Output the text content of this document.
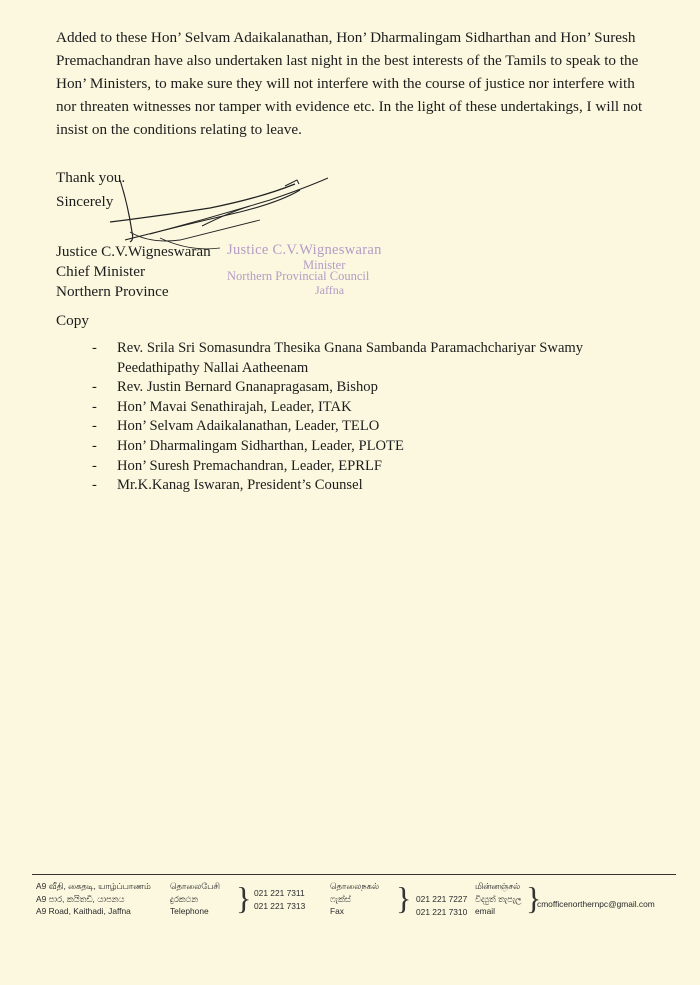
Added to these Hon’ Selvam Adaikalanathan, Hon’ Dharmalingam Sidharthan and Hon’ Suresh Premachandran have also undertaken last night in the best interests of the Tamils to speak to the Hon’ Ministers, to make sure they will not interfere with the course of justice nor interfere with nor threaten witnesses nor tamper with evidence etc. In the light of these undertakings, I will not insist on the conditions relating to leave.

Thank you.
Sincerely
Justice C.V.Wigneswaran
Minister
Northern Provincial Council
Jaffna
Justice C.V.Wigneswaran
Chief Minister
Northern Province
Copy
- Rev. Srila Sri Somasundra Thesika Gnana Sambanda Paramachchariyar Swamy Peedathipathy Nallai Aatheenam
- Rev. Justin Bernard Gnanapragasam, Bishop
- Hon’ Mavai Senathirajah, Leader, ITAK
- Hon’ Selvam Adaikalanathan, Leader, TELO
- Hon’ Dharmalingam Sidharthan, Leader, PLOTE
- Hon’ Suresh Premachandran, Leader, EPRLF
- Mr.K.Kanag Iswaran, President’s Counsel
A9 வீதி, கைதடி, யாழ்ப்பாணம்
A9 පාර, කයිතඩි, යාපනය
A9 Road, Kaithadi, Jaffna
தொலைபேசி
දුරකථන
Telephone } 021 221 7311
021 221 7313
தொலைநகல்
ෆැක්ස්
Fax	} 021 221 7227
021 221 7310
மின்னஞ்சல்
විද්‍යුත් තැපැල
email }
cmofficenorthernpc@gmail.com
